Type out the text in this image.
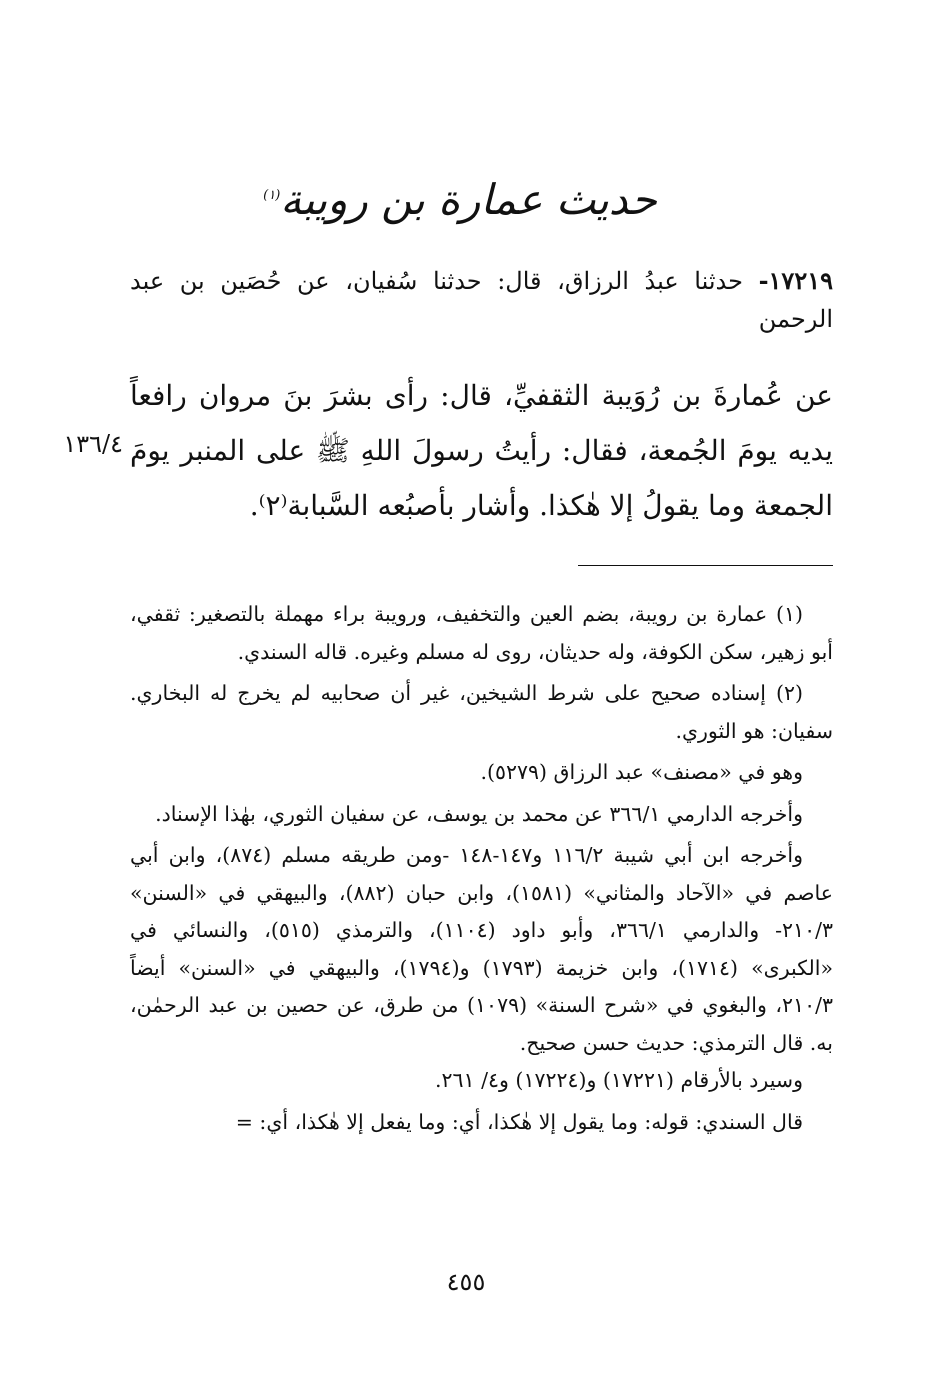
حديث عمارة بن رويبة$^{(١)}$
١٧٢١٩- حدثنا عبدُ الرزاق، قال: حدثنا سُفيان، عن حُصَين بن عبد الرحمن
عن عُمارةَ بن رُوَيبة الثقفيِّ، قال: رأى بشرَ بنَ مروان رافعاً يديه يومَ الجُمعة، فقال: رأيتُ رسولَ اللهِ ﷺ على المنبر يومَ الجمعة وما يقولُ إلا هٰكذا. وأشار بأصبُعه السَّبابة⁽٢⁾.
١٣٦/٤

(١) عمارة بن رويبة، بضم العين والتخفيف، ورويبة براء مهملة بالتصغير: ثقفي، أبو زهير، سكن الكوفة، وله حديثان، روى له مسلم وغيره. قاله السندي.

(٢) إسناده صحيح على شرط الشيخين، غير أن صحابيه لم يخرج له البخاري. سفيان: هو الثوري.

وهو في «مصنف» عبد الرزاق (٥٢٧٩).

وأخرجه الدارمي ٣٦٦/١ عن محمد بن يوسف، عن سفيان الثوري، بهٰذا الإسناد.

وأخرجه ابن أبي شيبة ١١٦/٢ و١٤٧-١٤٨ -ومن طريقه مسلم (٨٧٤)، وابن أبي عاصم في «الآحاد والمثاني» (١٥٨١)، وابن حبان (٨٨٢)، والبيهقي في «السنن» ٢١٠/٣- والدارمي ٣٦٦/١، وأبو داود (١١٠٤)، والترمذي (٥١٥)، والنسائي في «الكبرى» (١٧١٤)، وابن خزيمة (١٧٩٣) و(١٧٩٤)، والبيهقي في «السنن» أيضاً ٢١٠/٣، والبغوي في «شرح السنة» (١٠٧٩) من طرق، عن حصين بن عبد الرحمٰن، به. قال الترمذي: حديث حسن صحيح.

وسيرد بالأرقام (١٧٢٢١) و(١٧٢٢٤) و٤/ ٢٦١.

قال السندي: قوله: وما يقول إلا هٰكذا، أي: وما يفعل إلا هٰكذا، أي: =

٤٥٥
